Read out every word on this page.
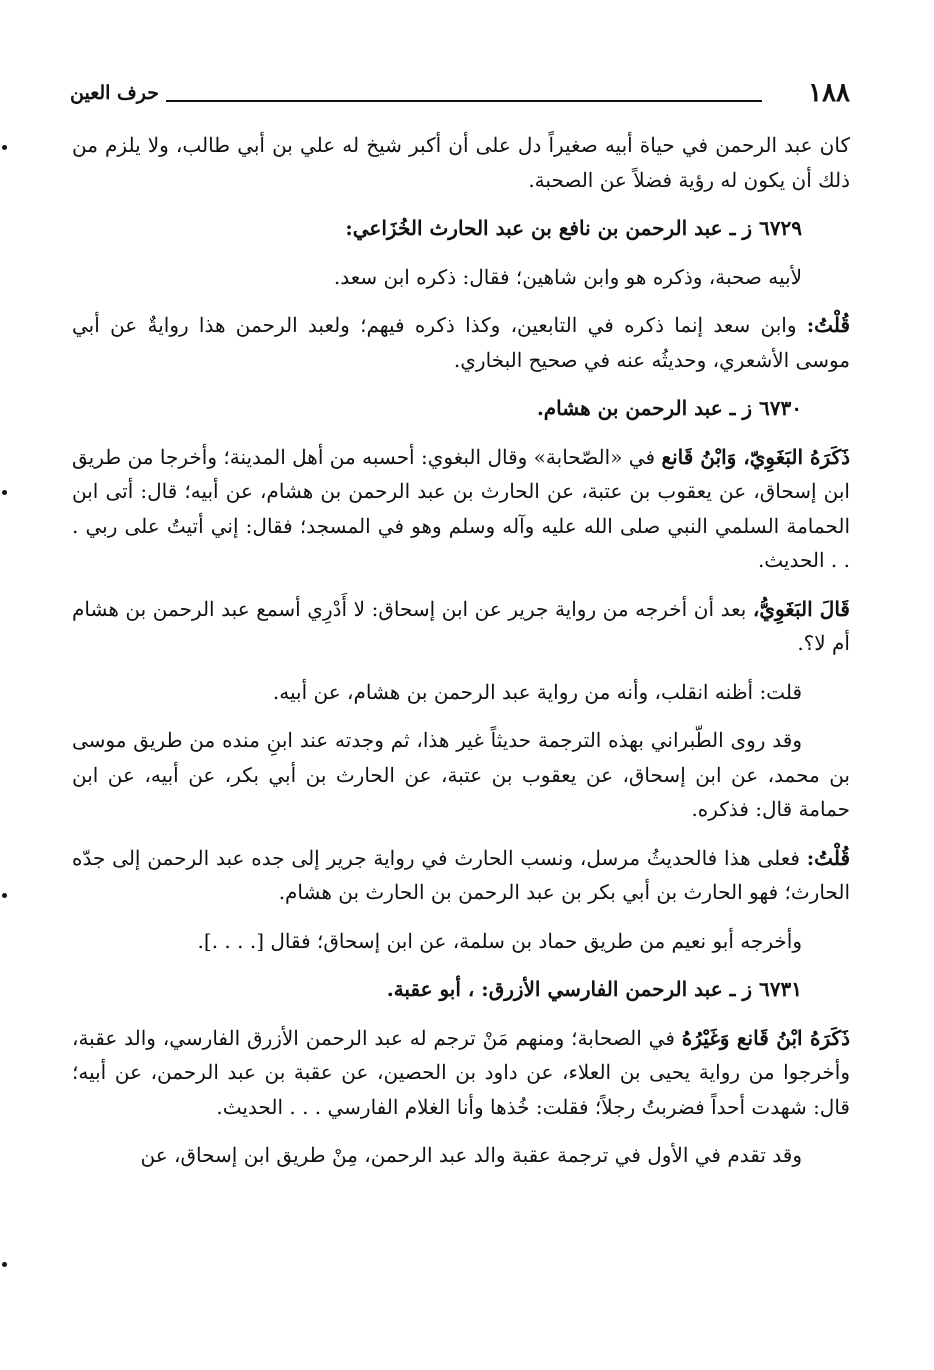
١٨٨
حرف العين

كان عبد الرحمن في حياة أبيه صغيراً دل على أن أكبر شيخ له علي بن أبي طالب، ولا يلزم من ذلك أن يكون له رؤية فضلاً عن الصحبة.

٦٧٢٩ ز ـ عبد الرحمن بن نافع بن عبد الحارث الخُزَاعي:

لأبيه صحبة، وذكره هو وابن شاهين؛ فقال: ذكره ابن سعد.

قُلْتُ: وابن سعد إنما ذكره في التابعين، وكذا ذكره فيهم؛ ولعبد الرحمن هذا روايةٌ عن أبي موسى الأشعري، وحديثُه عنه في صحيح البخاري.

٦٧٣٠ ز ـ عبد الرحمن بن هشام.

ذَكَرَهُ البَغَوِيّ، وَابْنُ قَانع في «الصّحابة» وقال البغوي: أحسبه من أهل المدينة؛ وأخرجا من طريق ابن إسحاق، عن يعقوب بن عتبة، عن الحارث بن عبد الرحمن بن هشام، عن أبيه؛ قال: أتى ابن الحمامة السلمي النبي صلى الله عليه وآله وسلم وهو في المسجد؛ فقال: إني أتيتُ على ربي . . . الحديث.

قَالَ البَغَوِيُّ، بعد أن أخرجه من رواية جرير عن ابن إسحاق: لا أَدْرِي أسمع عبد الرحمن بن هشام أم لا؟.

قلت: أظنه انقلب، وأنه من رواية عبد الرحمن بن هشام، عن أبيه.

وقد روى الطّبراني بهذه الترجمة حديثاً غير هذا، ثم وجدته عند ابنِ منده من طريق موسى بن محمد، عن ابن إسحاق، عن يعقوب بن عتبة، عن الحارث بن أبي بكر، عن أبيه، عن ابن حمامة قال: فذكره.

قُلْتُ: فعلى هذا فالحديثُ مرسل، ونسب الحارث في رواية جرير إلى جده عبد الرحمن إلى جدّه الحارث؛ فهو الحارث بن أبي بكر بن عبد الرحمن بن الحارث بن هشام.

وأخرجه أبو نعيم من طريق حماد بن سلمة، عن ابن إسحاق؛ فقال [. . . .].

٦٧٣١ ز ـ عبد الرحمن الفارسي الأزرق: ، أبو عقبة.

ذَكَرَهُ ابْنُ قَانع وَغَيْرُهُ في الصحابة؛ ومنهم مَنْ ترجم له عبد الرحمن الأزرق الفارسي، والد عقبة، وأخرجوا من رواية يحيى بن العلاء، عن داود بن الحصين، عن عقبة بن عبد الرحمن، عن أبيه؛ قال: شهدت أحداً فضربتُ رجلاً؛ فقلت: خُذها وأنا الغلام الفارسي . . . الحديث.

وقد تقدم في الأول في ترجمة عقبة والد عبد الرحمن، مِنْ طريق ابن إسحاق، عن
